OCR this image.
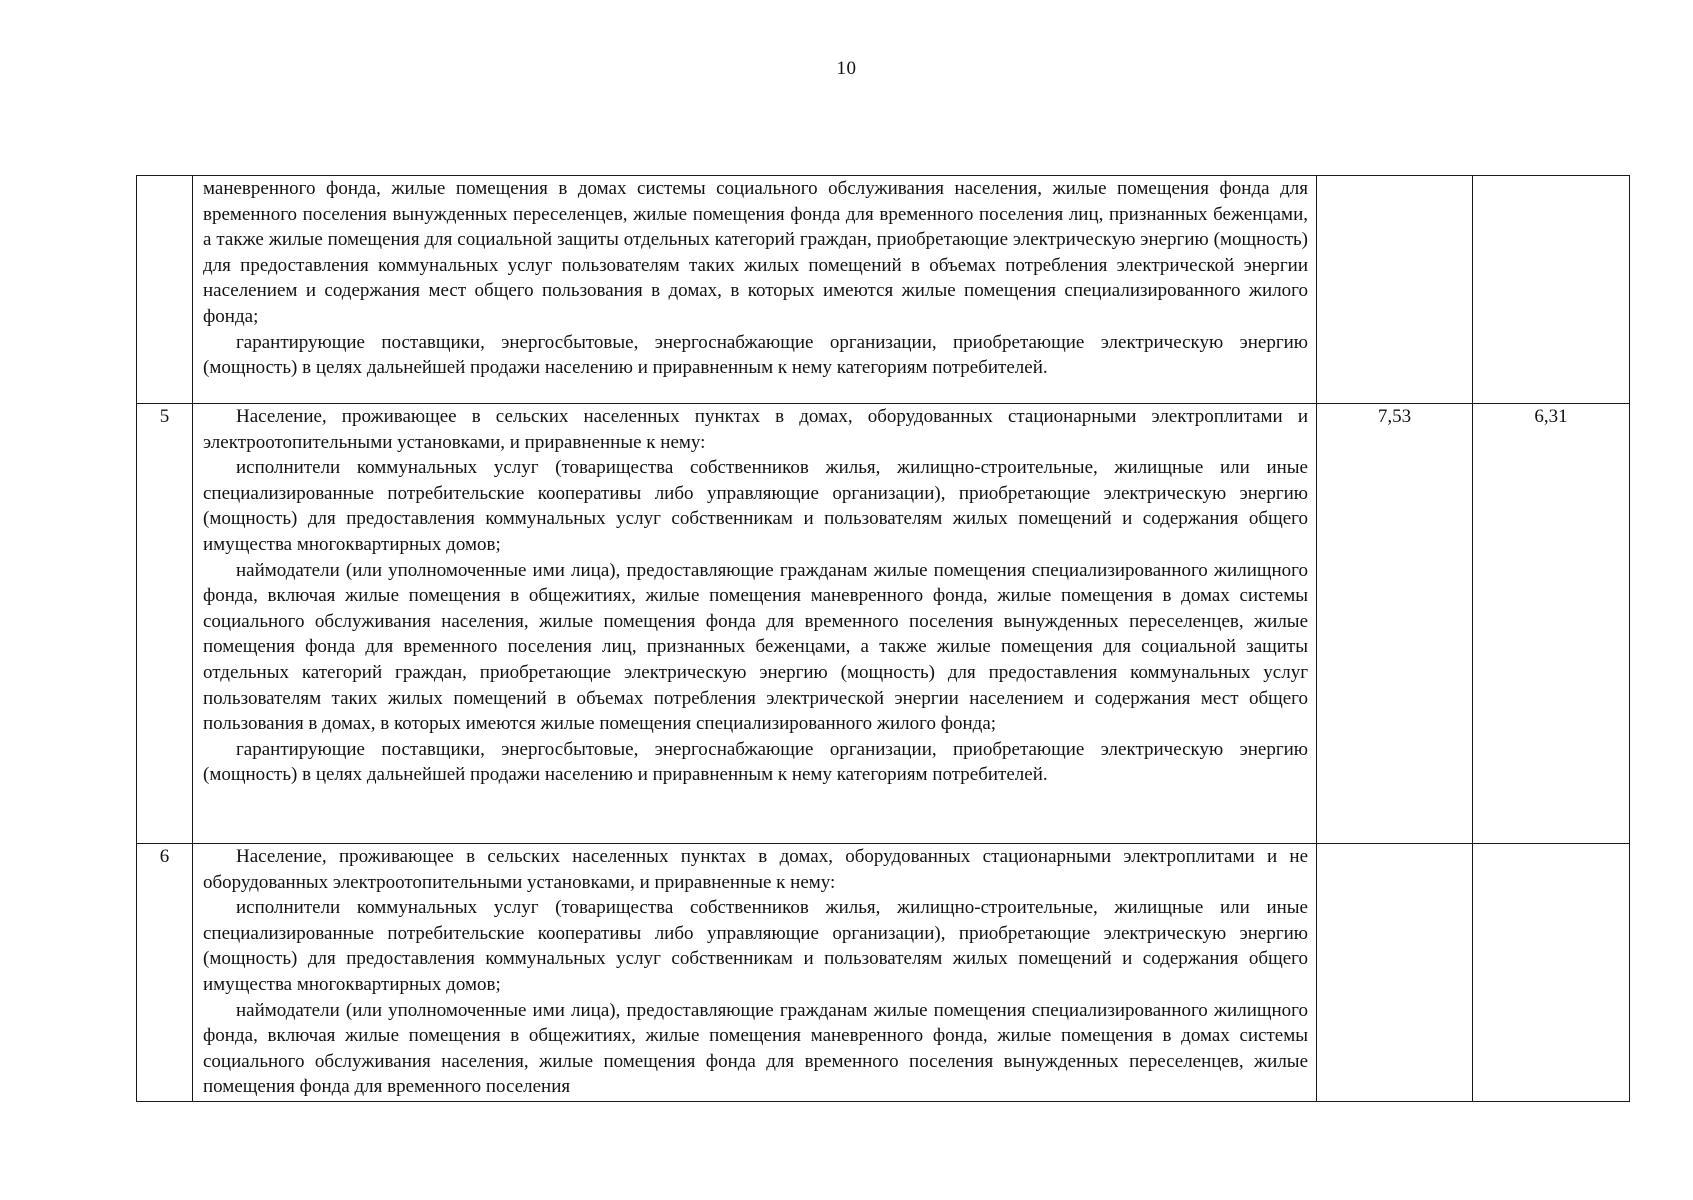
10

	маневренного фонда, жилые помещения в домах системы социального обслуживания населения, жилые помещения фонда для временного поселения вынужденных переселенцев, жилые помещения фонда для временного поселения лиц, признанных беженцами, а также жилые помещения для социальной защиты отдельных категорий граждан, приобретающие электрическую энергию (мощность) для предоставления коммунальных услуг пользователям таких жилых помещений в объемах потребления электрической энергии населением и содержания мест общего пользования в домах, в которых имеются жилые помещения специализированного жилого фонда;

гарантирующие поставщики, энергосбытовые, энергоснабжающие организации, приобретающие электрическую энергию (мощность) в целях дальнейшей продажи населению и приравненным к нему категориям потребителей.		

5	Население, проживающее в сельских населенных пунктах в домах, оборудованных стационарными электроплитами и электроотопительными установками, и приравненные к нему:

исполнители коммунальных услуг (товарищества собственников жилья, жилищно-строительные, жилищные или иные специализированные потребительские кооперативы либо управляющие организации), приобретающие электрическую энергию (мощность) для предоставления коммунальных услуг собственникам и пользователям жилых помещений и содержания общего имущества многоквартирных домов;

наймодатели (или уполномоченные ими лица), предоставляющие гражданам жилые помещения специализированного жилищного фонда, включая жилые помещения в общежитиях, жилые помещения маневренного фонда, жилые помещения в домах системы социального обслуживания населения, жилые помещения фонда для временного поселения вынужденных переселенцев, жилые помещения фонда для временного поселения лиц, признанных беженцами, а также жилые помещения для социальной защиты отдельных категорий граждан, приобретающие электрическую энергию (мощность) для предоставления коммунальных услуг пользователям таких жилых помещений в объемах потребления электрической энергии населением и содержания мест общего пользования в домах, в которых имеются жилые помещения специализированного жилого фонда;

гарантирующие поставщики, энергосбытовые, энергоснабжающие организации, приобретающие электрическую энергию (мощность) в целях дальнейшей продажи населению и приравненным к нему категориям потребителей.	7,53	6,31
6	Население, проживающее в сельских населенных пунктах в домах, оборудованных стационарными электроплитами и не оборудованных электроотопительными установками, и приравненные к нему:

исполнители коммунальных услуг (товарищества собственников жилья, жилищно-строительные, жилищные или иные специализированные потребительские кооперативы либо управляющие организации), приобретающие электрическую энергию (мощность) для предоставления коммунальных услуг собственникам и пользователям жилых помещений и содержания общего имущества многоквартирных домов;

наймодатели (или уполномоченные ими лица), предоставляющие гражданам жилые помещения специализированного жилищного фонда, включая жилые помещения в общежитиях, жилые помещения маневренного фонда, жилые помещения в домах системы социального обслуживания населения, жилые помещения фонда для временного поселения вынужденных переселенцев, жилые помещения фонда для временного поселения		
